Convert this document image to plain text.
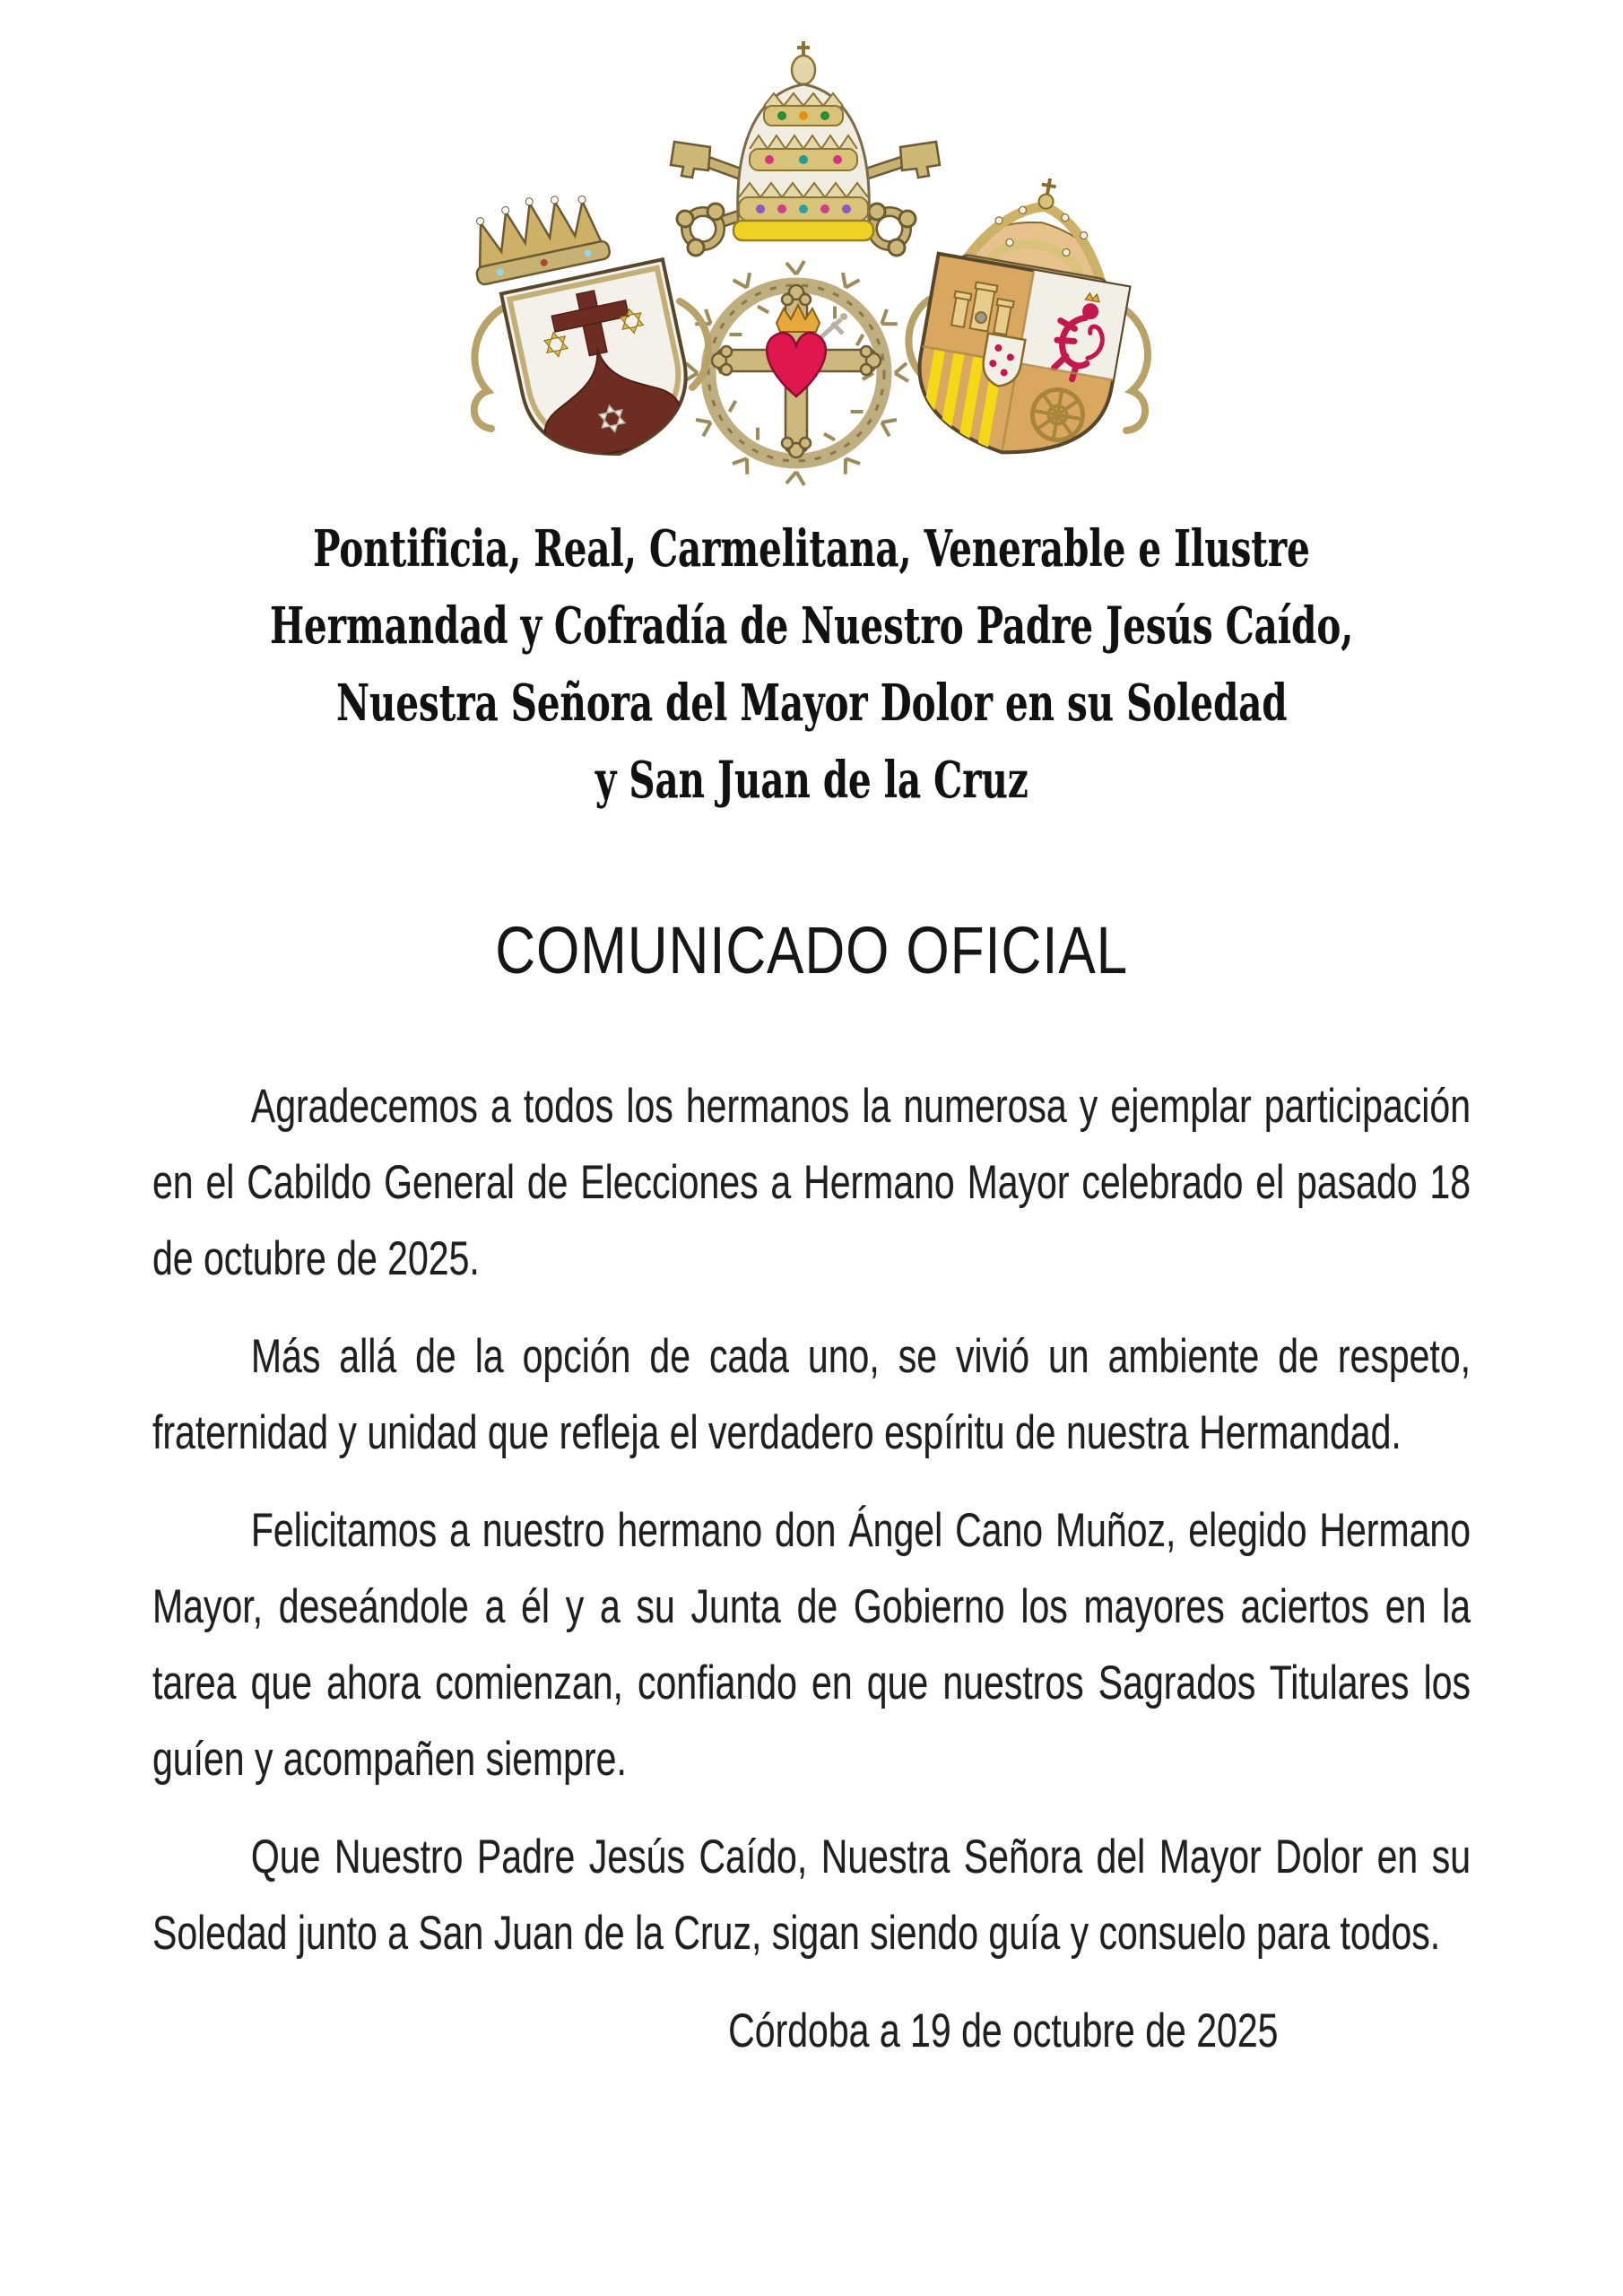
Pontificia, Real, Carmelitana, Venerable e Ilustre
Hermandad y Cofradía de Nuestro Padre Jesús Caído,
Nuestra Señora del Mayor Dolor en su Soledad
y San Juan de la Cruz
COMUNICADO OFICIAL

Agradecemos a todos los hermanos la numerosa y ejemplar participación en el Cabildo General de Elecciones a Hermano Mayor celebrado el pasado 18 de octubre de 2025.

Más allá de la opción de cada uno, se vivió un ambiente de respeto, fraternidad y unidad que refleja el verdadero espíritu de nuestra Hermandad.

Felicitamos a nuestro hermano don Ángel Cano Muñoz, elegido Hermano Mayor, deseándole a él y a su Junta de Gobierno los mayores aciertos en la tarea que ahora comienzan, confiando en que nuestros Sagrados Titulares los guíen y acompañen siempre.

Que Nuestro Padre Jesús Caído, Nuestra Señora del Mayor Dolor en su Soledad junto a San Juan de la Cruz, sigan siendo guía y consuelo para todos.

Córdoba a 19 de octubre de 2025
